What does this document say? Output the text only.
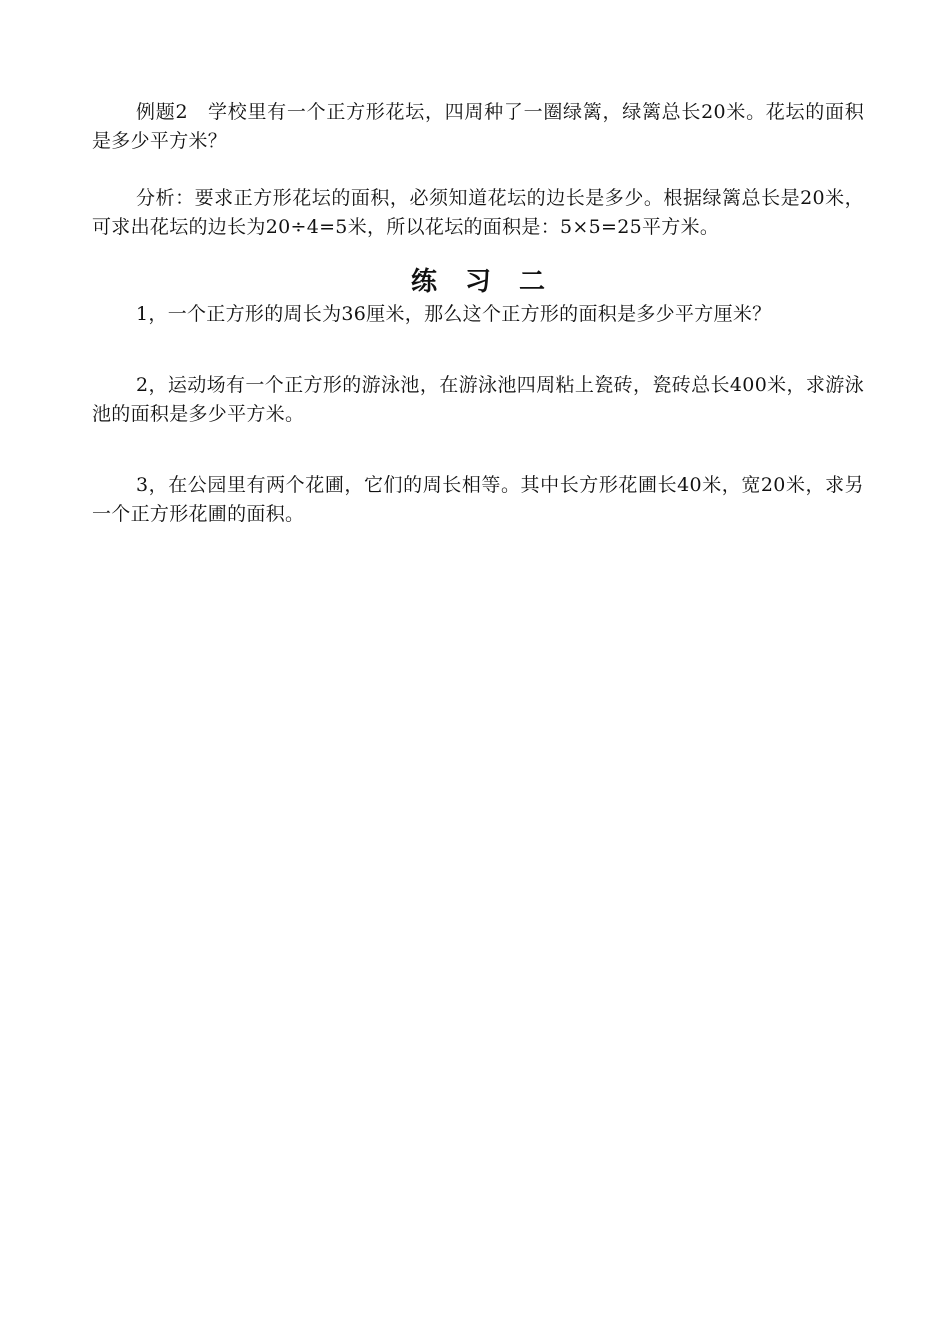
例题2　学校里有一个正方形花坛，四周种了一圈绿篱，绿篱总长20米。花坛的面积是多少平方米？

分析：要求正方形花坛的面积，必须知道花坛的边长是多少。根据绿篱总长是20米，可求出花坛的边长为20÷4=5米，所以花坛的面积是：5×5=25平方米。

练习二

1，一个正方形的周长为36厘米，那么这个正方形的面积是多少平方厘米？

2，运动场有一个正方形的游泳池，在游泳池四周粘上瓷砖，瓷砖总长400米，求游泳池的面积是多少平方米。

3，在公园里有两个花圃，它们的周长相等。其中长方形花圃长40米，宽20米，求另一个正方形花圃的面积。
